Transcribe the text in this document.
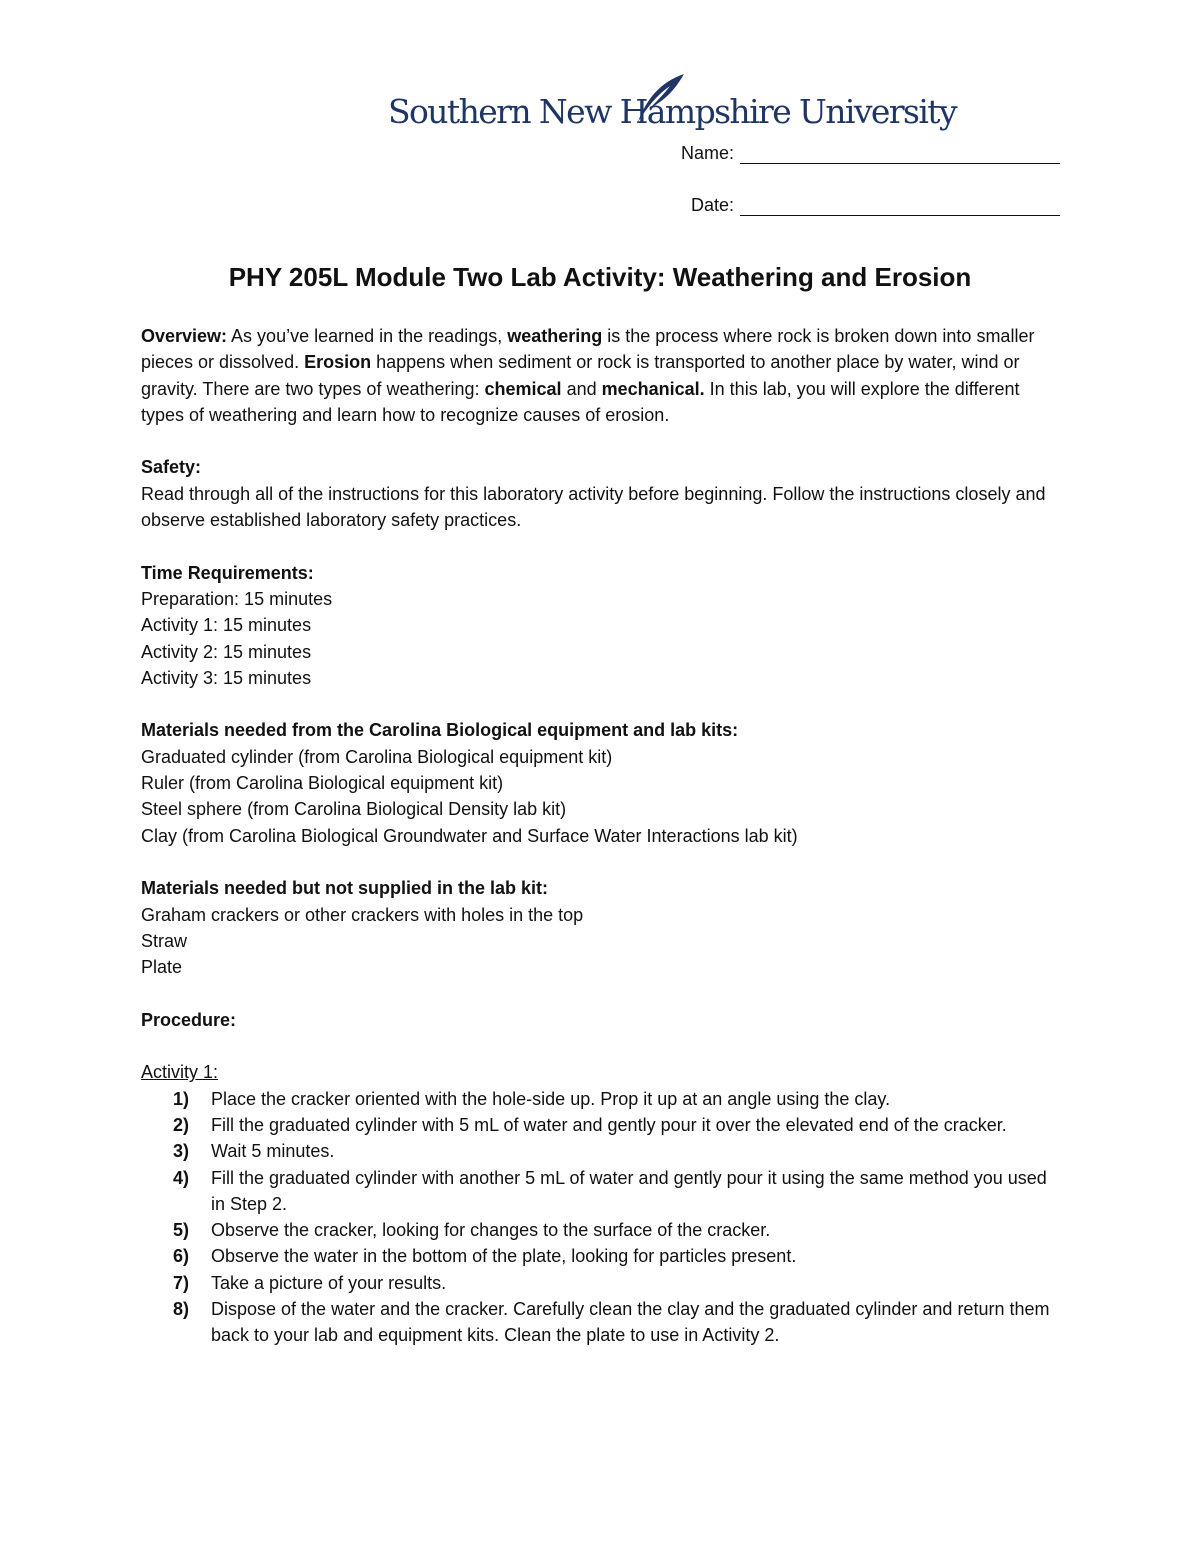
Southern New Hampshire University
Name:
Date:
PHY 205L Module Two Lab Activity: Weathering and Erosion

Overview: As you’ve learned in the readings, weathering is the process where rock is broken down into smaller pieces or dissolved. Erosion happens when sediment or rock is transported to another place by water, wind or gravity. There are two types of weathering: chemical and mechanical. In this lab, you will explore the different types of weathering and learn how to recognize causes of erosion.

Safety:

Read through all of the instructions for this laboratory activity before beginning. Follow the instructions closely and observe established laboratory safety practices.

Time Requirements:

Preparation: 15 minutes

Activity 1: 15 minutes

Activity 2: 15 minutes

Activity 3: 15 minutes

Materials needed from the Carolina Biological equipment and lab kits:

Graduated cylinder (from Carolina Biological equipment kit)

Ruler (from Carolina Biological equipment kit)

Steel sphere (from Carolina Biological Density lab kit)

Clay (from Carolina Biological Groundwater and Surface Water Interactions lab kit)

Materials needed but not supplied in the lab kit:

Graham crackers or other crackers with holes in the top

Straw

Plate

Procedure:

Activity 1:

1) Place the cracker oriented with the hole-side up. Prop it up at an angle using the clay.
2) Fill the graduated cylinder with 5 mL of water and gently pour it over the elevated end of the cracker.
3) Wait 5 minutes.
4) Fill the graduated cylinder with another 5 mL of water and gently pour it using the same method you used in Step 2.
5) Observe the cracker, looking for changes to the surface of the cracker.
6) Observe the water in the bottom of the plate, looking for particles present.
7) Take a picture of your results.
8) Dispose of the water and the cracker. Carefully clean the clay and the graduated cylinder and return them back to your lab and equipment kits. Clean the plate to use in Activity 2.
